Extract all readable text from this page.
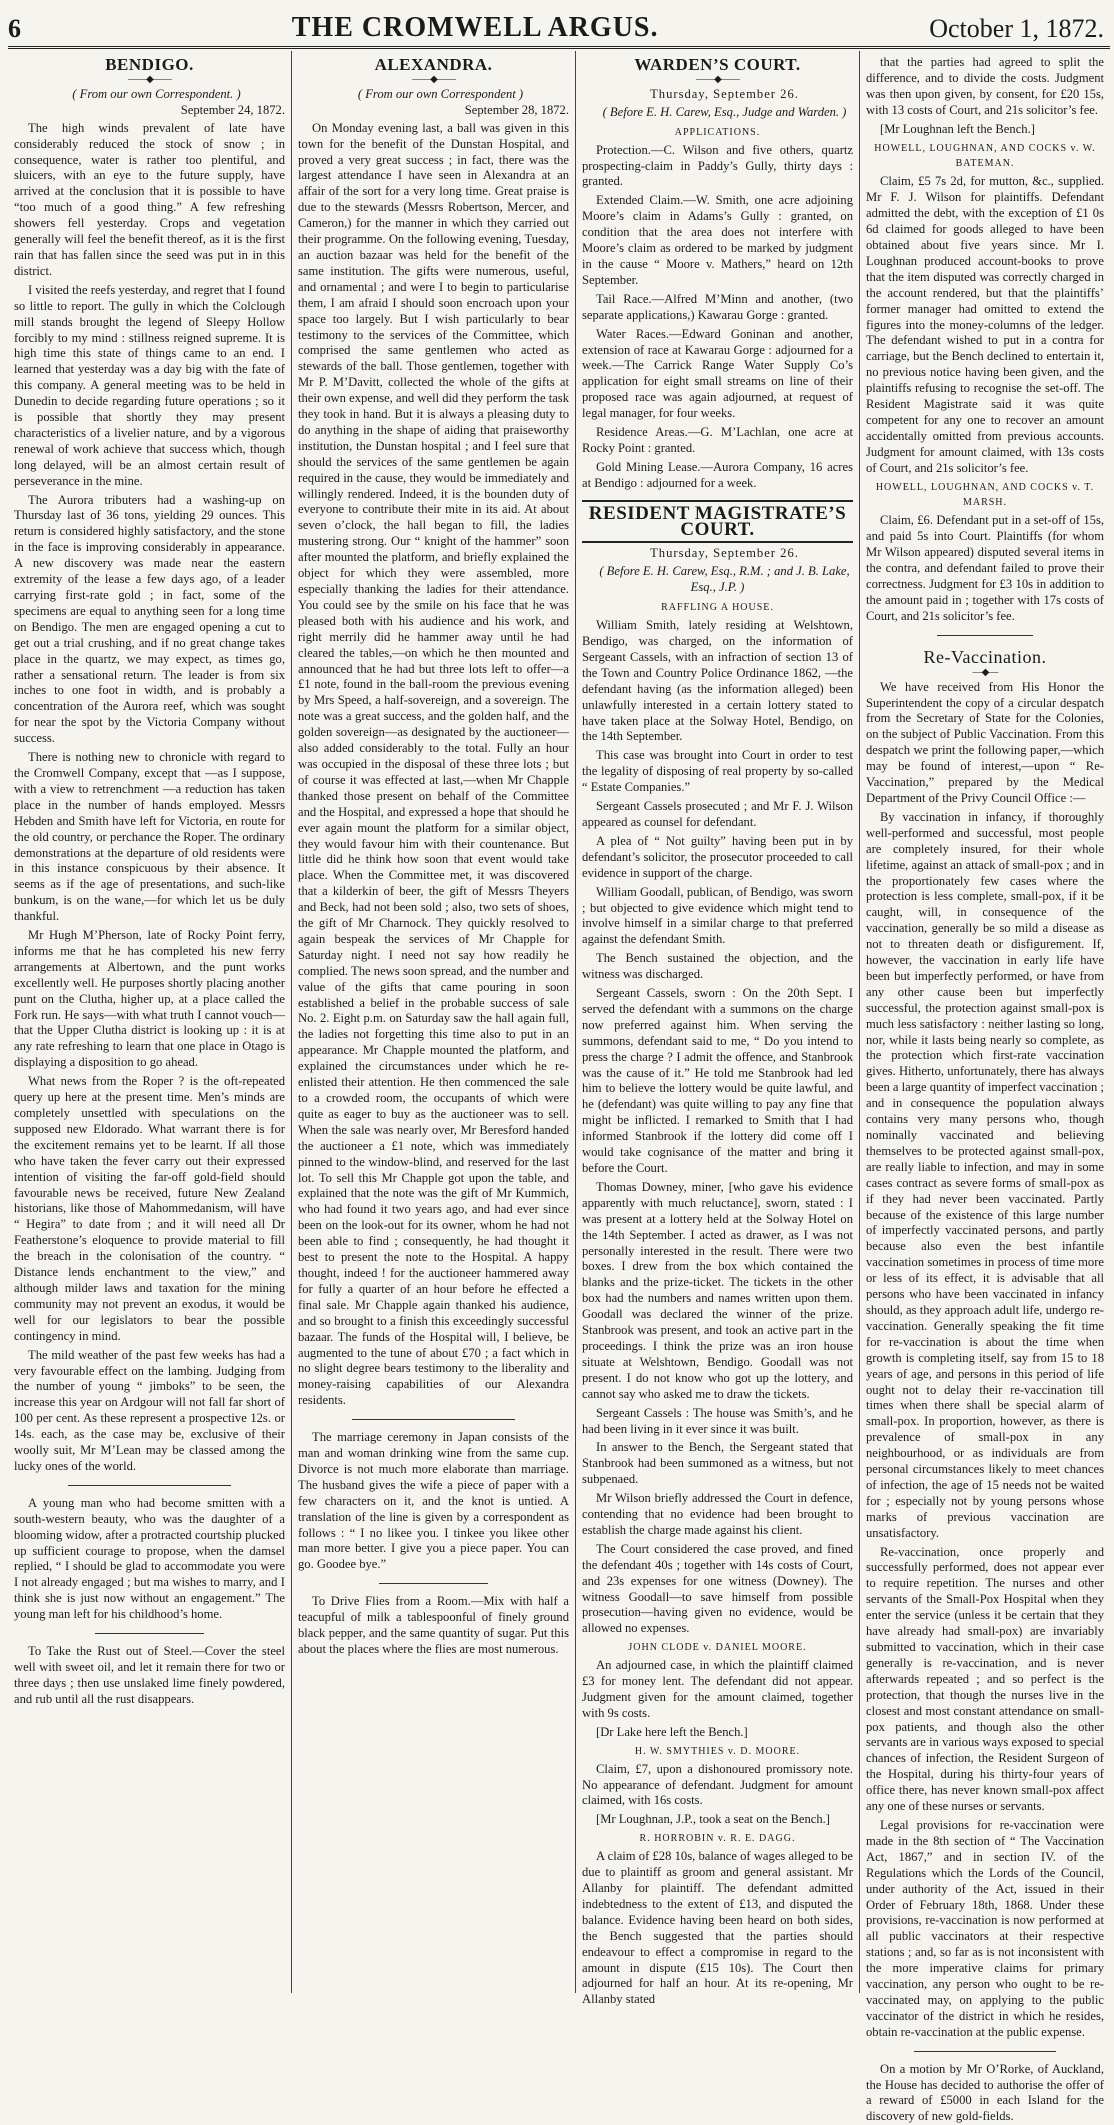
6	THE CROMWELL ARGUS.	October 1, 1872.
BENDIGO.
——◆——

( From our own Correspondent. )

September 24, 1872.

The high winds prevalent of late have considerably reduced the stock of snow ; in consequence, water is rather too plentiful, and sluicers, with an eye to the future supply, have arrived at the conclusion that it is possible to have “too much of a good thing.” A few refreshing showers fell yesterday. Crops and vegetation generally will feel the benefit thereof, as it is the first rain that has fallen since the seed was put in in this district.

I visited the reefs yesterday, and regret that I found so little to report. The gully in which the Colclough mill stands brought the legend of Sleepy Hollow forcibly to my mind : stillness reigned supreme. It is high time this state of things came to an end. I learned that yesterday was a day big with the fate of this company. A general meeting was to be held in Dunedin to decide regarding future operations ; so it is possible that shortly they may present characteristics of a livelier nature, and by a vigorous renewal of work achieve that success which, though long delayed, will be an almost certain result of perseverance in the mine.

The Aurora tributers had a washing-up on Thursday last of 36 tons, yielding 29 ounces. This return is considered highly satisfactory, and the stone in the face is improving considerably in appearance. A new discovery was made near the eastern extremity of the lease a few days ago, of a leader carrying first-rate gold ; in fact, some of the specimens are equal to anything seen for a long time on Bendigo. The men are engaged opening a cut to get out a trial crushing, and if no great change takes place in the quartz, we may expect, as times go, rather a sensational return. The leader is from six inches to one foot in width, and is probably a concentration of the Aurora reef, which was sought for near the spot by the Victoria Company without success.

There is nothing new to chronicle with regard to the Cromwell Company, except that —as I suppose, with a view to retrenchment —a reduction has taken place in the number of hands employed. Messrs Hebden and Smith have left for Victoria, en route for the old country, or perchance the Roper. The ordinary demonstrations at the departure of old residents were in this instance conspicuous by their absence. It seems as if the age of presentations, and such-like bunkum, is on the wane,—for which let us be duly thankful.

Mr Hugh M’Pherson, late of Rocky Point ferry, informs me that he has completed his new ferry arrangements at Albertown, and the punt works excellently well. He purposes shortly placing another punt on the Clutha, higher up, at a place called the Fork run. He says—with what truth I cannot vouch—that the Upper Clutha district is looking up : it is at any rate refreshing to learn that one place in Otago is displaying a disposition to go ahead.

What news from the Roper ? is the oft-repeated query up here at the present time. Men’s minds are completely unsettled with speculations on the supposed new Eldorado. What warrant there is for the excitement remains yet to be learnt. If all those who have taken the fever carry out their expressed intention of visiting the far-off gold-field should favourable news be received, future New Zealand historians, like those of Mahommedanism, will have “ Hegira” to date from ; and it will need all Dr Featherstone’s eloquence to provide material to fill the breach in the colonisation of the country. “ Distance lends enchantment to the view,” and although milder laws and taxation for the mining community may not prevent an exodus, it would be well for our legislators to bear the possible contingency in mind.

The mild weather of the past few weeks has had a very favourable effect on the lambing. Judging from the number of young “ jimboks” to be seen, the increase this year on Ardgour will not fall far short of 100 per cent. As these represent a prospective 12s. or 14s. each, as the case may be, exclusive of their woolly suit, Mr M’Lean may be classed among the lucky ones of the world.

A young man who had become smitten with a south-western beauty, who was the daughter of a blooming widow, after a protracted courtship plucked up sufficient courage to propose, when the damsel replied, “ I should be glad to accommodate you were I not already engaged ; but ma wishes to marry, and I think she is just now without an engagement.” The young man left for his childhood’s home.

To Take the Rust out of Steel.—Cover the steel well with sweet oil, and let it remain there for two or three days ; then use unslaked lime finely powdered, and rub until all the rust disappears.

ALEXANDRA.
——◆——

( From our own Correspondent )

September 28, 1872.

On Monday evening last, a ball was given in this town for the benefit of the Dunstan Hospital, and proved a very great success ; in fact, there was the largest attendance I have seen in Alexandra at an affair of the sort for a very long time. Great praise is due to the stewards (Messrs Robertson, Mercer, and Cameron,) for the manner in which they carried out their programme. On the following evening, Tuesday, an auction bazaar was held for the benefit of the same institution. The gifts were numerous, useful, and ornamental ; and were I to begin to particularise them, I am afraid I should soon encroach upon your space too largely. But I wish particularly to bear testimony to the services of the Committee, which comprised the same gentlemen who acted as stewards of the ball. Those gentlemen, together with Mr P. M’Davitt, collected the whole of the gifts at their own expense, and well did they perform the task they took in hand. But it is always a pleasing duty to do anything in the shape of aiding that praiseworthy institution, the Dunstan hospital ; and I feel sure that should the services of the same gentlemen be again required in the cause, they would be immediately and willingly rendered. Indeed, it is the bounden duty of everyone to contribute their mite in its aid. At about seven o’clock, the hall began to fill, the ladies mustering strong. Our “ knight of the hammer” soon after mounted the platform, and briefly explained the object for which they were assembled, more especially thanking the ladies for their attendance. You could see by the smile on his face that he was pleased both with his audience and his work, and right merrily did he hammer away until he had cleared the tables,—on which he then mounted and announced that he had but three lots left to offer—a £1 note, found in the ball-room the previous evening by Mrs Speed, a half-sovereign, and a sovereign. The note was a great success, and the golden half, and the golden sovereign—as designated by the auctioneer—also added considerably to the total. Fully an hour was occupied in the disposal of these three lots ; but of course it was effected at last,—when Mr Chapple thanked those present on behalf of the Committee and the Hospital, and expressed a hope that should he ever again mount the platform for a similar object, they would favour him with their countenance. But little did he think how soon that event would take place. When the Committee met, it was discovered that a kilderkin of beer, the gift of Messrs Theyers and Beck, had not been sold ; also, two sets of shoes, the gift of Mr Charnock. They quickly resolved to again bespeak the services of Mr Chapple for Saturday night. I need not say how readily he complied. The news soon spread, and the number and value of the gifts that came pouring in soon established a belief in the probable success of sale No. 2. Eight p.m. on Saturday saw the hall again full, the ladies not forgetting this time also to put in an appearance. Mr Chapple mounted the platform, and explained the circumstances under which he re-enlisted their attention. He then commenced the sale to a crowded room, the occupants of which were quite as eager to buy as the auctioneer was to sell. When the sale was nearly over, Mr Beresford handed the auctioneer a £1 note, which was immediately pinned to the window-blind, and reserved for the last lot. To sell this Mr Chapple got upon the table, and explained that the note was the gift of Mr Kummich, who had found it two years ago, and had ever since been on the look-out for its owner, whom he had not been able to find ; consequently, he had thought it best to present the note to the Hospital. A happy thought, indeed ! for the auctioneer hammered away for fully a quarter of an hour before he effected a final sale. Mr Chapple again thanked his audience, and so brought to a finish this exceedingly successful bazaar. The funds of the Hospital will, I believe, be augmented to the tune of about £70 ; a fact which in no slight degree bears testimony to the liberality and money-raising capabilities of our Alexandra residents.

The marriage ceremony in Japan consists of the man and woman drinking wine from the same cup. Divorce is not much more elaborate than marriage. The husband gives the wife a piece of paper with a few characters on it, and the knot is untied. A translation of the line is given by a correspondent as follows : “ I no likee you. I tinkee you likee other man more better. I give you a piece paper. You can go. Goodee bye.”

To Drive Flies from a Room.—Mix with half a teacupful of milk a tablespoonful of finely ground black pepper, and the same quantity of sugar. Put this about the places where the flies are most numerous.

WARDEN’S COURT.
——◆——

Thursday, September 26.

( Before E. H. Carew, Esq., Judge and Warden. )

APPLICATIONS.

Protection.—C. Wilson and five others, quartz prospecting-claim in Paddy’s Gully, thirty days : granted.

Extended Claim.—W. Smith, one acre adjoining Moore’s claim in Adams’s Gully : granted, on condition that the area does not interfere with Moore’s claim as ordered to be marked by judgment in the cause “ Moore v. Mathers,” heard on 12th September.

Tail Race.—Alfred M’Minn and another, (two separate applications,) Kawarau Gorge : granted.

Water Races.—Edward Goninan and another, extension of race at Kawarau Gorge : adjourned for a week.—The Carrick Range Water Supply Co’s application for eight small streams on line of their proposed race was again adjourned, at request of legal manager, for four weeks.

Residence Areas.—G. M’Lachlan, one acre at Rocky Point : granted.

Gold Mining Lease.—Aurora Company, 16 acres at Bendigo : adjourned for a week.

RESIDENT MAGISTRATE’S COURT.

Thursday, September 26.

( Before E. H. Carew, Esq., R.M. ; and J. B. Lake, Esq., J.P. )

RAFFLING A HOUSE.

William Smith, lately residing at Welshtown, Bendigo, was charged, on the information of Sergeant Cassels, with an infraction of section 13 of the Town and Country Police Ordinance 1862, —the defendant having (as the information alleged) been unlawfully interested in a certain lottery stated to have taken place at the Solway Hotel, Bendigo, on the 14th September.

This case was brought into Court in order to test the legality of disposing of real property by so-called “ Estate Companies.”

Sergeant Cassels prosecuted ; and Mr F. J. Wilson appeared as counsel for defendant.

A plea of “ Not guilty” having been put in by defendant’s solicitor, the prosecutor proceeded to call evidence in support of the charge.

William Goodall, publican, of Bendigo, was sworn ; but objected to give evidence which might tend to involve himself in a similar charge to that preferred against the defendant Smith.

The Bench sustained the objection, and the witness was discharged.

Sergeant Cassels, sworn : On the 20th Sept. I served the defendant with a summons on the charge now preferred against him. When serving the summons, defendant said to me, “ Do you intend to press the charge ? I admit the offence, and Stanbrook was the cause of it.” He told me Stanbrook had led him to believe the lottery would be quite lawful, and he (defendant) was quite willing to pay any fine that might be inflicted. I remarked to Smith that I had informed Stanbrook if the lottery did come off I would take cognisance of the matter and bring it before the Court.

Thomas Downey, miner, [who gave his evidence apparently with much reluctance], sworn, stated : I was present at a lottery held at the Solway Hotel on the 14th September. I acted as drawer, as I was not personally interested in the result. There were two boxes. I drew from the box which contained the blanks and the prize-ticket. The tickets in the other box had the numbers and names written upon them. Goodall was declared the winner of the prize. Stanbrook was present, and took an active part in the proceedings. I think the prize was an iron house situate at Welshtown, Bendigo. Goodall was not present. I do not know who got up the lottery, and cannot say who asked me to draw the tickets.

Sergeant Cassels : The house was Smith’s, and he had been living in it ever since it was built.

In answer to the Bench, the Sergeant stated that Stanbrook had been summoned as a witness, but not subpenaed.

Mr Wilson briefly addressed the Court in defence, contending that no evidence had been brought to establish the charge made against his client.

The Court considered the case proved, and fined the defendant 40s ; together with 14s costs of Court, and 23s expenses for one witness (Downey). The witness Goodall—to save himself from possible prosecution—having given no evidence, would be allowed no expenses.

JOHN CLODE v. DANIEL MOORE.

An adjourned case, in which the plaintiff claimed £3 for money lent. The defendant did not appear. Judgment given for the amount claimed, together with 9s costs.

[Dr Lake here left the Bench.]

H. W. SMYTHIES v. D. MOORE.

Claim, £7, upon a dishonoured promissory note. No appearance of defendant. Judgment for amount claimed, with 16s costs.

[Mr Loughnan, J.P., took a seat on the Bench.]

R. HORROBIN v. R. E. DAGG.

A claim of £28 10s, balance of wages alleged to be due to plaintiff as groom and general assistant. Mr Allanby for plaintiff. The defendant admitted indebtedness to the extent of £13, and disputed the balance. Evidence having been heard on both sides, the Bench suggested that the parties should endeavour to effect a compromise in regard to the amount in dispute (£15 10s). The Court then adjourned for half an hour. At its re-opening, Mr Allanby stated

that the parties had agreed to split the difference, and to divide the costs. Judgment was then upon given, by consent, for £20 15s, with 13 costs of Court, and 21s solicitor’s fee.

[Mr Loughnan left the Bench.]

HOWELL, LOUGHNAN, AND COCKS v. W. BATEMAN.

Claim, £5 7s 2d, for mutton, &c., supplied. Mr F. J. Wilson for plaintiffs. Defendant admitted the debt, with the exception of £1 0s 6d claimed for goods alleged to have been obtained about five years since. Mr I. Loughnan produced account-books to prove that the item disputed was correctly charged in the account rendered, but that the plaintiffs’ former manager had omitted to extend the figures into the money-columns of the ledger. The defendant wished to put in a contra for carriage, but the Bench declined to entertain it, no previous notice having been given, and the plaintiffs refusing to recognise the set-off. The Resident Magistrate said it was quite competent for any one to recover an amount accidentally omitted from previous accounts. Judgment for amount claimed, with 13s costs of Court, and 21s solicitor’s fee.

HOWELL, LOUGHNAN, AND COCKS v. T. MARSH.

Claim, £6. Defendant put in a set-off of 15s, and paid 5s into Court. Plaintiffs (for whom Mr Wilson appeared) disputed several items in the contra, and defendant failed to prove their correctness. Judgment for £3 10s in addition to the amount paid in ; together with 17s costs of Court, and 21s solicitor’s fee.

Re-Vaccination.
—◆—

We have received from His Honor the Superintendent the copy of a circular despatch from the Secretary of State for the Colonies, on the subject of Public Vaccination. From this despatch we print the following paper,—which may be found of interest,—upon “ Re-Vaccination,” prepared by the Medical Department of the Privy Council Office :—

By vaccination in infancy, if thoroughly well-performed and successful, most people are completely insured, for their whole lifetime, against an attack of small-pox ; and in the proportionately few cases where the protection is less complete, small-pox, if it be caught, will, in consequence of the vaccination, generally be so mild a disease as not to threaten death or disfigurement. If, however, the vaccination in early life have been but imperfectly performed, or have from any other cause been but imperfectly successful, the protection against small-pox is much less satisfactory : neither lasting so long, nor, while it lasts being nearly so complete, as the protection which first-rate vaccination gives. Hitherto, unfortunately, there has always been a large quantity of imperfect vaccination ; and in consequence the population always contains very many persons who, though nominally vaccinated and believing themselves to be protected against small-pox, are really liable to infection, and may in some cases contract as severe forms of small-pox as if they had never been vaccinated. Partly because of the existence of this large number of imperfectly vaccinated persons, and partly because also even the best infantile vaccination sometimes in process of time more or less of its effect, it is advisable that all persons who have been vaccinated in infancy should, as they approach adult life, undergo re-vaccination. Generally speaking the fit time for re-vaccination is about the time when growth is completing itself, say from 15 to 18 years of age, and persons in this period of life ought not to delay their re-vaccination till times when there shall be special alarm of small-pox. In proportion, however, as there is prevalence of small-pox in any neighbourhood, or as individuals are from personal circumstances likely to meet chances of infection, the age of 15 needs not be waited for ; especially not by young persons whose marks of previous vaccination are unsatisfactory.

Re-vaccination, once properly and successfully performed, does not appear ever to require repetition. The nurses and other servants of the Small-Pox Hospital when they enter the service (unless it be certain that they have already had small-pox) are invariably submitted to vaccination, which in their case generally is re-vaccination, and is never afterwards repeated ; and so perfect is the protection, that though the nurses live in the closest and most constant attendance on small-pox patients, and though also the other servants are in various ways exposed to special chances of infection, the Resident Surgeon of the Hospital, during his thirty-four years of office there, has never known small-pox affect any one of these nurses or servants.

Legal provisions for re-vaccination were made in the 8th section of “ The Vaccination Act, 1867,” and in section IV. of the Regulations which the Lords of the Council, under authority of the Act, issued in their Order of February 18th, 1868. Under these provisions, re-vaccination is now performed at all public vaccinators at their respective stations ; and, so far as is not inconsistent with the more imperative claims for primary vaccination, any person who ought to be re-vaccinated may, on applying to the public vaccinator of the district in which he resides, obtain re-vaccination at the public expense.

On a motion by Mr O’Rorke, of Auckland, the House has decided to authorise the offer of a reward of £5000 in each Island for the discovery of new gold-fields.
